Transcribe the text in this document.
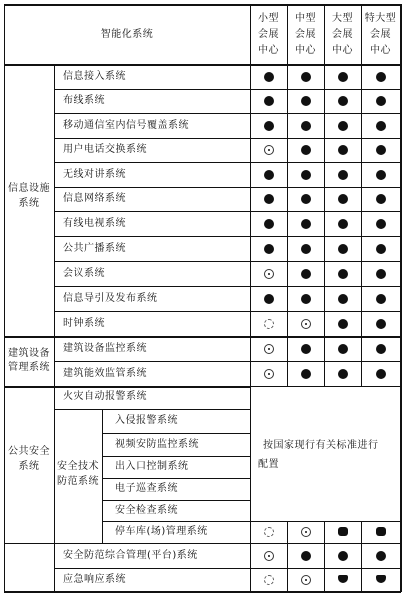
智能化系统
小型
会展
中心
中型
会展
中心
大型
会展
中心
特大型
会展
中心
信息接入系统
布线系统
移动通信室内信号覆盖系统
用户电话交换系统
无线对讲系统
信息网络系统
有线电视系统
公共广播系统
会议系统
信息导引及发布系统
时钟系统
建筑设备监控系统
建筑能效监管系统
信息设施
系统
建筑设备
管理系统
公共安全
系统
火灾自动报警系统
安全技术
防范系统
入侵报警系统
视频安防监控系统
出入口控制系统
电子巡查系统
安全检查系统
停车库(场)管理系统
按国家现行有关标准进行
配置
安全防范综合管理(平台)系统
应急响应系统
